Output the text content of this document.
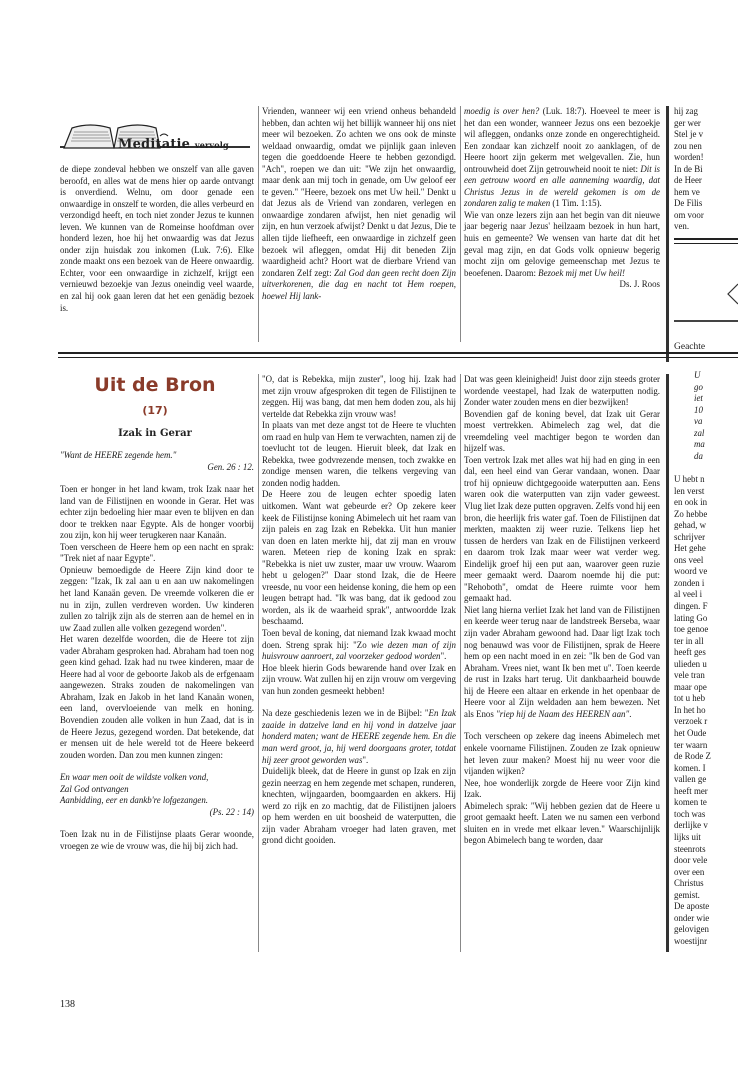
Meditatie vervolg

de diepe zondeval hebben we onszelf van alle gaven beroofd, en alles wat de mens hier op aarde ontvangt is onverdiend. Welnu, om door genade een onwaardige in onszelf te worden, die alles verbeurd en verzondigd heeft, en toch niet zonder Jezus te kunnen leven. We kunnen van de Romeinse hoofdman over honderd lezen, hoe hij het onwaardig was dat Jezus onder zijn huisdak zou inkomen (Luk. 7:6). Elke zonde maakt ons een bezoek van de Heere onwaardig. Echter, voor een onwaardige in zichzelf, krijgt een vernieuwd bezoekje van Jezus oneindig veel waarde, en zal hij ook gaan leren dat het een genädig bezoek is.

Vrienden, wanneer wij een vriend onheus behandeld hebben, dan achten wij het billijk wanneer hij ons niet meer wil bezoeken. Zo achten we ons ook de minste weldaad onwaardig, omdat we pijnlijk gaan inleven tegen die goeddoende Heere te hebben gezondigd. "Ach", roepen we dan uit: "We zijn het onwaardig, maar denk aan mij toch in genade, om Uw geloof eer te geven." "Heere, bezoek ons met Uw heil." Denkt u dat Jezus als de Vriend van zondaren, verlegen en onwaardige zondaren afwijst, hen niet genadig wil zijn, en hun verzoek afwijst? Denkt u dat Jezus, Die te allen tijde liefheeft, een onwaardige in zichzelf geen bezoek wil afleggen, omdat Hij dit beneden Zijn waardigheid acht? Hoort wat de dierbare Vriend van zondaren Zelf zegt: Zal God dan geen recht doen Zijn uitverkorenen, die dag en nacht tot Hem roepen, hoewel Hij lank-

moedig is over hen? (Luk. 18:7). Hoeveel te meer is het dan een wonder, wanneer Jezus ons een bezoekje wil afleggen, ondanks onze zonde en ongerechtigheid. Een zondaar kan zichzelf nooit zo aanklagen, of de Heere hoort zijn gekerm met welgevallen. Zie, hun ontrouwheid doet Zijn getrouwheid nooit te niet: Dit is een getrouw woord en alle aanneming waardig, dat Christus Jezus in de wereld gekomen is om de zondaren zalig te maken (1 Tim. 1:15).

Wie van onze lezers zijn aan het begin van dit nieuwe jaar begerig naar Jezus' heilzaam bezoek in hun hart, huis en gemeente? We wensen van harte dat dit het geval mag zijn, en dat Gods volk opnieuw begerig mocht zijn om gelovige gemeenschap met Jezus te beoefenen. Daarom: Bezoek mij met Uw heil!

Ds. J. Roos

Uit de Bron
(17)
Izak in Gerar

"Want de HEERE zegende hem."

Gen. 26 : 12.

Toen er honger in het land kwam, trok Izak naar het land van de Filistijnen en woonde in Gerar. Het was echter zijn bedoeling hier maar even te blijven en dan door te trekken naar Egypte. Als de honger voorbij zou zijn, kon hij weer terugkeren naar Kanaän.

Toen verscheen de Heere hem op een nacht en sprak: "Trek niet af naar Egypte".

Opnieuw bemoedigde de Heere Zijn kind door te zeggen: "Izak, Ik zal aan u en aan uw nakomelingen het land Kanaän geven. De vreemde volkeren die er nu in zijn, zullen verdreven worden. Uw kinderen zullen zo talrijk zijn als de sterren aan de hemel en in uw Zaad zullen alle volken gezegend worden".

Het waren dezelfde woorden, die de Heere tot zijn vader Abraham gesproken had. Abraham had toen nog geen kind gehad. Izak had nu twee kinderen, maar de Heere had al voor de geboorte Jakob als de erfgenaam aangewezen. Straks zouden de nakomelingen van Abraham, Izak en Jakob in het land Kanaän wonen, een land, overvloeiende van melk en honing. Bovendien zouden alle volken in hun Zaad, dat is in de Heere Jezus, gezegend worden. Dat betekende, dat er mensen uit de hele wereld tot de Heere bekeerd zouden worden. Dan zou men kunnen zingen:

En waar men ooit de wildste volken vond,

Zal God ontvangen

Aanbidding, eer en dankb're lofgezangen.

(Ps. 22 : 14)

Toen Izak nu in de Filistijnse plaats Gerar woonde, vroegen ze wie de vrouw was, die hij bij zich had.

"O, dat is Rebekka, mijn zuster", loog hij. Izak had met zijn vrouw afgesproken dit tegen de Filistijnen te zeggen. Hij was bang, dat men hem doden zou, als hij vertelde dat Rebekka zijn vrouw was!

In plaats van met deze angst tot de Heere te vluchten om raad en hulp van Hem te verwachten, namen zij de toevlucht tot de leugen. Hieruit bleek, dat Izak en Rebekka, twee godvrezende mensen, toch zwakke en zondige mensen waren, die telkens vergeving van zonden nodig hadden.

De Heere zou de leugen echter spoedig laten uitkomen. Want wat gebeurde er? Op zekere keer keek de Filistijnse koning Abimelech uit het raam van zijn paleis en zag Izak en Rebekka. Uit hun manier van doen en laten merkte hij, dat zij man en vrouw waren. Meteen riep de koning Izak en sprak: "Rebekka is niet uw zuster, maar uw vrouw. Waarom hebt u gelogen?" Daar stond Izak, die de Heere vreesde, nu voor een heidense koning, die hem op een leugen betrapt had. "Ik was bang, dat ik gedood zou worden, als ik de waarheid sprak", antwoordde Izak beschaamd.

Toen beval de koning, dat niemand Izak kwaad mocht doen. Streng sprak hij: "Zo wie dezen man of zijn huisvrouw aanroert, zal voorzeker gedood worden".

Hoe bleek hierin Gods bewarende hand over Izak en zijn vrouw. Wat zullen hij en zijn vrouw om vergeving van hun zonden gesmeekt hebben!

Na deze geschiedenis lezen we in de Bijbel: "En Izak zaaide in datzelve land en hij vond in datzelve jaar honderd maten; want de HEERE zegende hem. En die man werd groot, ja, hij werd doorgaans groter, totdat hij zeer groot geworden was".

Duidelijk bleek, dat de Heere in gunst op Izak en zijn gezin neerzag en hem zegende met schapen, runderen, knechten, wijngaarden, boomgaarden en akkers. Hij werd zo rijk en zo machtig, dat de Filistijnen jaloers op hem werden en uit boosheid de waterputten, die zijn vader Abraham vroeger had laten graven, met grond dicht gooiden.

Dat was geen kleinigheid! Juist door zijn steeds groter wordende veestapel, had Izak de waterputten nodig. Zonder water zouden mens en dier bezwijken!

Bovendien gaf de koning bevel, dat Izak uit Gerar moest vertrekken. Abimelech zag wel, dat die vreemdeling veel machtiger begon te worden dan hijzelf was.

Toen vertrok Izak met alles wat hij had en ging in een dal, een heel eind van Gerar vandaan, wonen. Daar trof hij opnieuw dichtgegooide waterputten aan. Eens waren ook die waterputten van zijn vader geweest. Vlug liet Izak deze putten opgraven. Zelfs vond hij een bron, die heerlijk fris water gaf. Toen de Filistijnen dat merkten, maakten zij weer ruzie. Telkens liep het tussen de herders van Izak en de Filistijnen verkeerd en daarom trok Izak maar weer wat verder weg. Eindelijk groef hij een put aan, waarover geen ruzie meer gemaakt werd. Daarom noemde hij die put: "Rehoboth", omdat de Heere ruimte voor hem gemaakt had.

Niet lang hierna verliet Izak het land van de Filistijnen en keerde weer terug naar de landstreek Berseba, waar zijn vader Abraham gewoond had. Daar ligt Izak toch nog benauwd was voor de Filistijnen, sprak de Heere hem op een nacht moed in en zei: "Ik ben de God van Abraham. Vrees niet, want Ik ben met u". Toen keerde de rust in Izaks hart terug. Uit dankbaarheid bouwde hij de Heere een altaar en erkende in het openbaar de Heere voor al Zijn weldaden aan hem bewezen. Net als Enos "riep hij de Naam des HEEREN aan".

Toch verscheen op zekere dag ineens Abimelech met enkele voorname Filistijnen. Zouden ze Izak opnieuw het leven zuur maken? Moest hij nu weer voor die vijanden wijken?

Nee, hoe wonderlijk zorgde de Heere voor Zijn kind Izak.

Abimelech sprak: "Wij hebben gezien dat de Heere u groot gemaakt heeft. Laten we nu samen een verbond sluiten en in vrede met elkaar leven." Waarschijnlijk begon Abimelech bang te worden, daar

hij zag
ger wer
Stel je v
zou nen
worden!
In de Bi
de Heer
hem ve
De Filis
om voor
ven.
Geachte
U
go
iet
10
va
zal
ma
da
U hebt n
len verst
en ook in
Zo hebbe
gehad, w
schrijver
Het gehe
ons veel
woord ve
zonden i
al veel i
dingen. F
lating Go
toe genoe
ter in all
heeft ges
ulieden u
vele tran
maar ope
tot u heb
In het ho
verzoek r
het Oude
ter waarn
de Rode Z
komen. I
vallen ge
heeft mer
komen te
toch was
derlijke v
lijks uit
steenrots
door vele
over een
Christus
gemist.
De aposte
onder wie
gelovigen
woestijnr
138
